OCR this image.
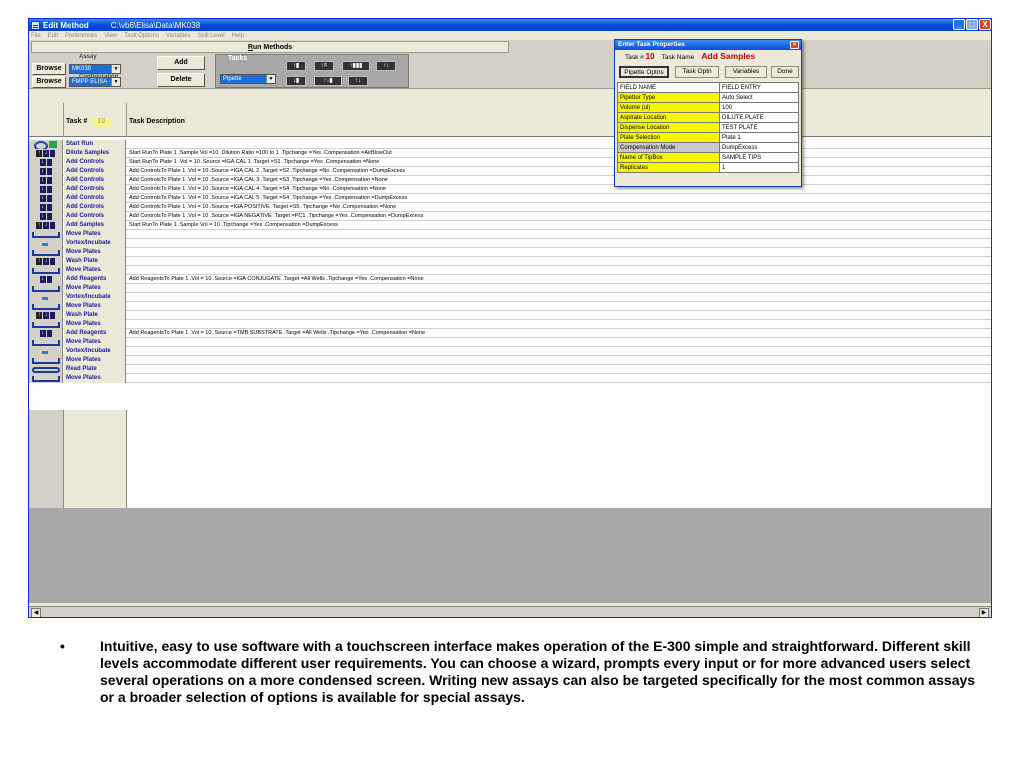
Edit Method	C:\vb6\Elisa\Data\MK038	_	□ X
File Edit Preferences View Task Options Variables Skill Level Help
Run Methods
Assay
Browse	MK038	▼
Browse	FMPP ELISA	▼
Add
Delete
Tasks
↑▮	↑=	↑▮▮▮	↑↓
Pipette	▼	↓▮	↑↓▮	↑↓
Task # 10	Task Description
Start Run
↑ ↓	Dilute Samples	Start RunTo Plate 1 .Sample Vol =10 .Dilution Ratio =100 to 1 .Tipchange =Yes .Compensation =AirBlowOut
↓	Add Controls	Start RunTo Plate 1 .Vol = 10 .Source =IGA CAL 1 .Target =S1 .Tipchange =Yes .Compensation =None
↓	Add Controls	Add ControlsTo Plate 1 .Vol = 10 .Source =IGA CAL 2 .Target =S2 .Tipchange =No .Compensation =DumpExcess
↓	Add Controls	Add ControlsTo Plate 1 .Vol = 10 .Source =IGA CAL 3 .Target =S3 .Tipchange =Yes .Compensation =None
↓	Add Controls	Add ControlsTo Plate 1 .Vol = 10 .Source =IGA CAL 4 .Target =S4 .Tipchange =No .Compensation =None
↓	Add Controls	Add ControlsTo Plate 1 .Vol = 10 .Source =IGA CAL 5 .Target =S4 .Tipchange =Yes .Compensation =DumpExcess
↓	Add Controls	Add ControlsTo Plate 1 .Vol = 10 .Source =IGA POSITIVE .Target =S5 .Tipchange =No .Compensation =None
↓	Add Controls	Add ControlsTo Plate 1 .Vol = 10 .Source =IGA NEGATIVE .Target =PC1 .Tipchange =Yes .Compensation =DumpExcess
↑ ↓	Add Samples	Start RunTo Plate 1 .Sample Vol = 10 .Tipchange =Yes .Compensation =DumpExcess
Move Plates
Vortex/Incubate
Move Plates
↑ ↓	Wash Plate
Move Plates
↓	Add Reagents	Add ReagentsTo Plate 1 .Vol = 10 .Source =IGA CONJUGATE .Target =All Wells .Tipchange =Yes .Compensation =None
Move Plates
Vortex/Incubate
Move Plates
↑ ↓	Wash Plate
Move Plates
↓	Add Reagents	Add ReagentsTo Plate 1 .Vol = 10 .Source =TMB SUBSTRATE .Target =All Wells .Tipchange =Yes .Compensation =None
Move Plates
Vortex/Incubate
Move Plates
Read Plate
Move Plates
◀	▶
Enter Task Properties	×
Task # 10 Task Name Add Samples
Pipette Optns	Task Optn	Variables	Done
FIELD NAME	FIELD ENTRY
Pipettor Type	Auto Select
Volume (ul)	100
Aspirate Location	DILUTE PLATE
Dispense Location	TEST PLATE
Plate Selection	Plate 1
Compensation Mode	DumpExcess
Name of TipBox	SAMPLE TIPS
Replicates	1
•	Intuitive, easy to use software with a touchscreen interface makes operation of the E-300 simple and straightforward. Different skill levels accommodate different user requirements. You can choose a wizard, prompts every input or for more advanced users select several operations on a more condensed screen. Writing new assays can also be targeted specifically for the most common assays or a broader selection of options is available for special assays.
